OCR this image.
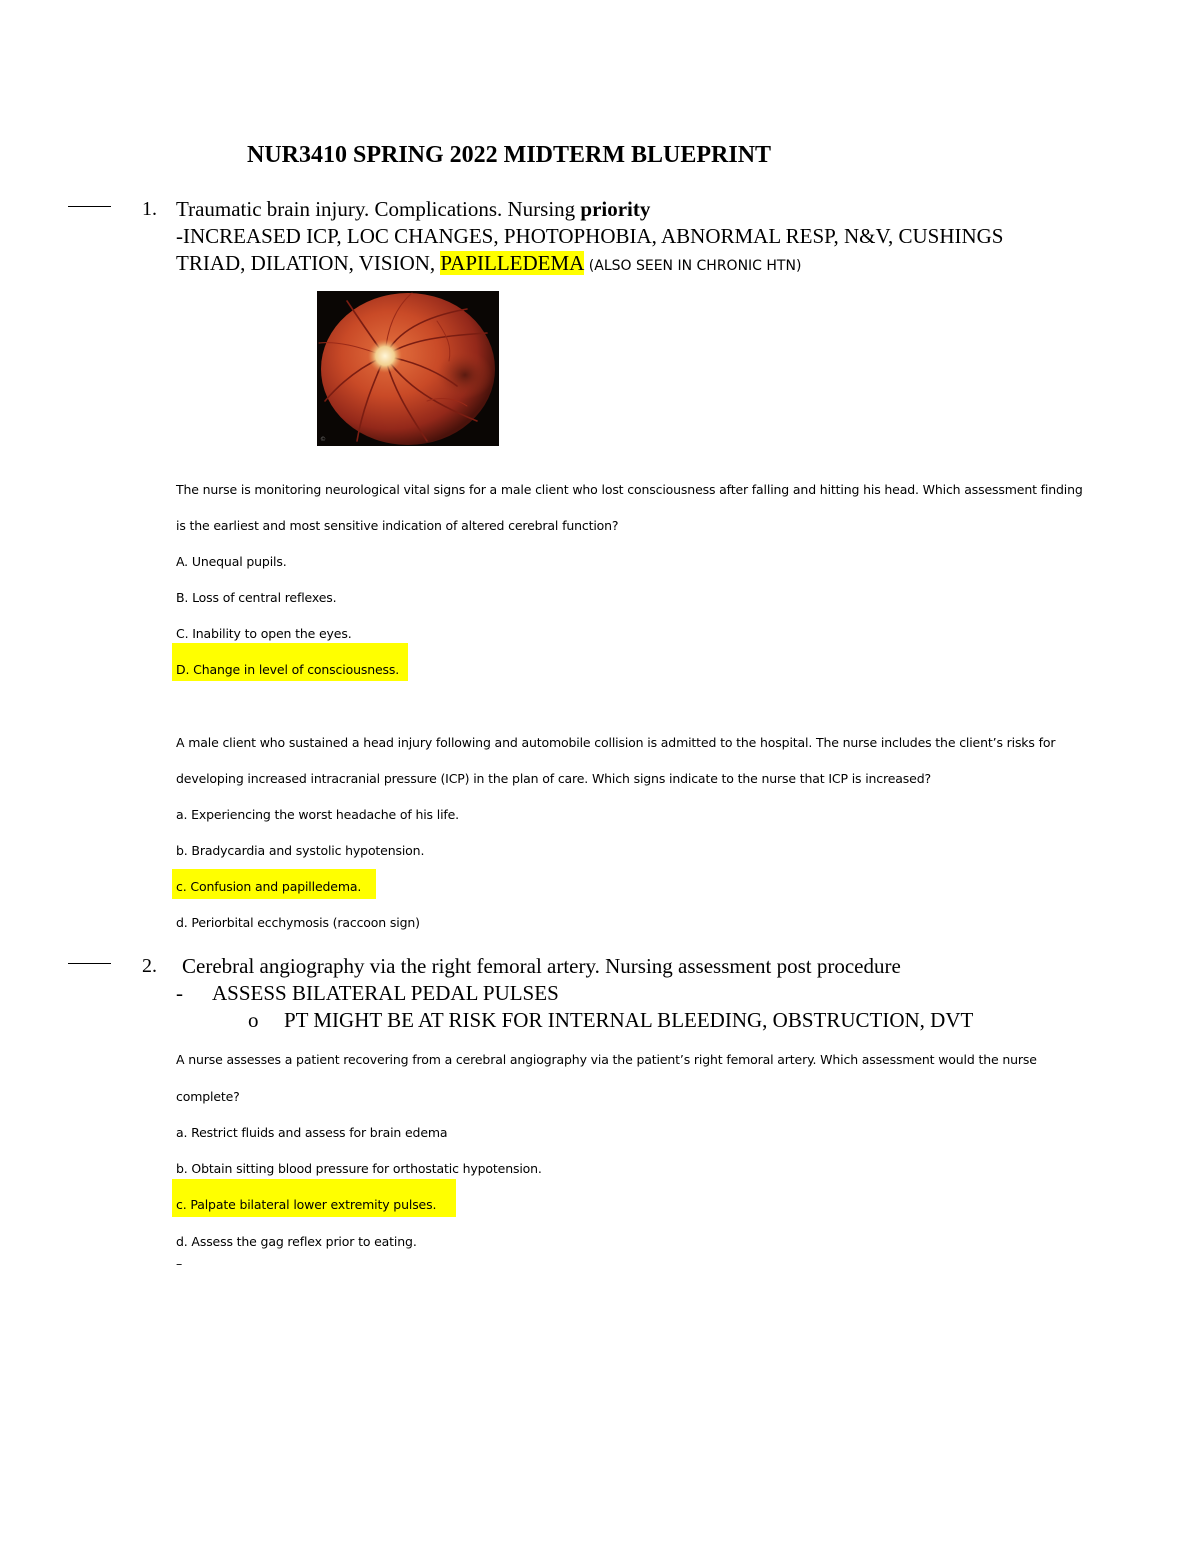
NUR3410 SPRING 2022 MIDTERM BLUEPRINT
1. Traumatic brain injury. Complications. Nursing priority
-INCREASED ICP, LOC CHANGES, PHOTOPHOBIA, ABNORMAL RESP, N&V, CUSHINGS
TRIAD, DILATION, VISION, PAPILLEDEMA (ALSO SEEN IN CHRONIC HTN)
©
The nurse is monitoring neurological vital signs for a male client who lost consciousness after falling and hitting his head. Which assessment finding
is the earliest and most sensitive indication of altered cerebral function?
A. Unequal pupils.
B. Loss of central reflexes.
C. Inability to open the eyes.
D. Change in level of consciousness.
A male client who sustained a head injury following and automobile collision is admitted to the hospital. The nurse includes the client’s risks for
developing increased intracranial pressure (ICP) in the plan of care. Which signs indicate to the nurse that ICP is increased?
a. Experiencing the worst headache of his life.
b. Bradycardia and systolic hypotension.
c. Confusion and papilledema.
d. Periorbital ecchymosis (raccoon sign)
2. Cerebral angiography via the right femoral artery. Nursing assessment post procedure
- ASSESS BILATERAL PEDAL PULSES
o PT MIGHT BE AT RISK FOR INTERNAL BLEEDING, OBSTRUCTION, DVT
A nurse assesses a patient recovering from a cerebral angiography via the patient’s right femoral artery. Which assessment would the nurse
complete?
a. Restrict fluids and assess for brain edema
b. Obtain sitting blood pressure for orthostatic hypotension.
c. Palpate bilateral lower extremity pulses.
d. Assess the gag reflex prior to eating.
–
